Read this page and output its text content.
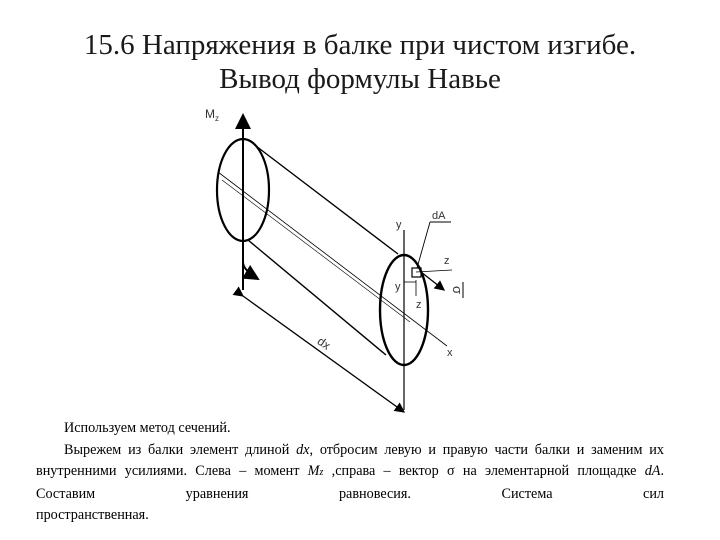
15.6 Напряжения в балке при чистом изгибе.
Вывод формулы Навье
$M_z$
y
dA
z
σ
y
z
dx
x

Используем метод сечений.

Вырежем из балки элемент длиной dx, отбросим левую и правую части балки и заменим их внутренними усилиями. Слева – момент Mz ,справа – вектор σ на элементарной площадке dA. Составим уравнения равновесия. Система сил

пространственная.
